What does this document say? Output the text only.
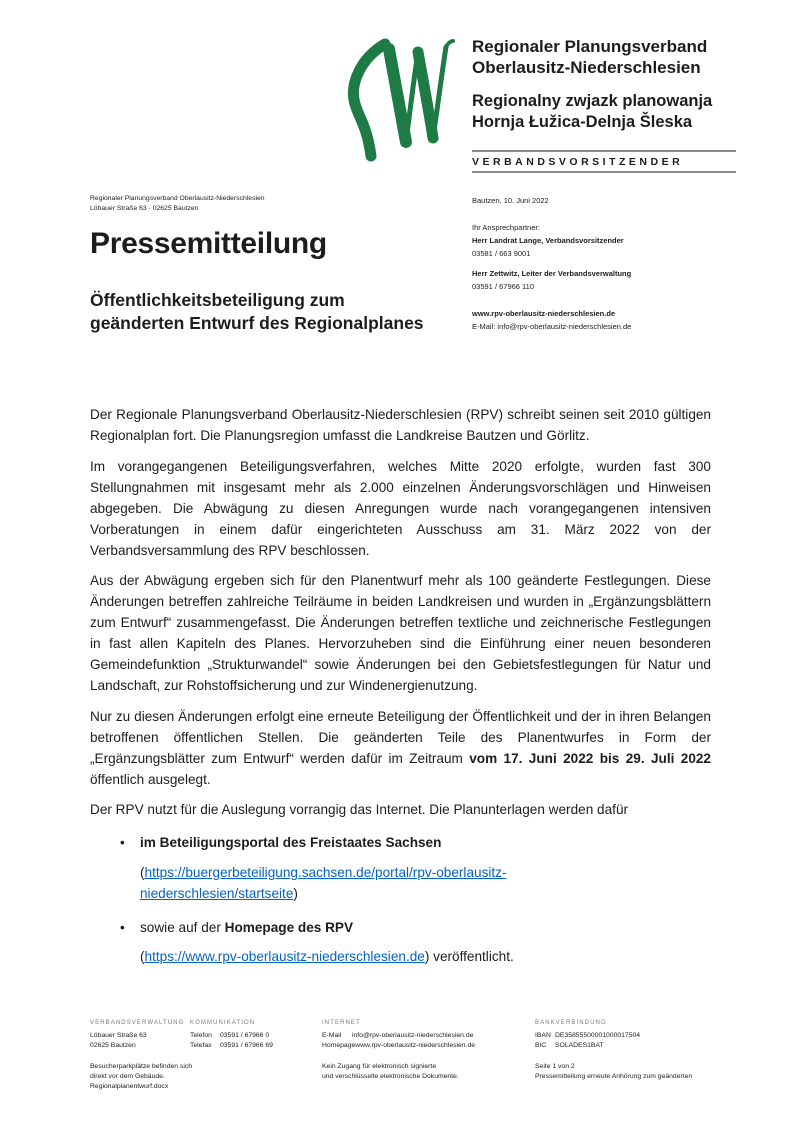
Regionaler Planungsverband
Oberlausitz-Niederschlesien
Regionalny zwjazk planowanja
Hornja Łužica-Delnja Šleska
VERBANDSVORSITZENDER
Regionaler Planungsverband Oberlausitz-Niederschlesien
Löbauer Straße 63 · 02625 Bautzen
Bautzen, 10. Juni 2022
Ihr Ansprechpartner:
Herr Landrat Lange, Verbandsvorsitzender
03581 / 663 9001
Herr Zettwitz, Leiter der Verbandsverwaltung
03591 / 67966 110
www.rpv-oberlausitz-niederschlesien.de
E-Mail: info@rpv-oberlausitz-niederschlesien.de
Pressemitteilung
Öffentlichkeitsbeteiligung zum
geänderten Entwurf des Regionalplanes

Der Regionale Planungsverband Oberlausitz-Niederschlesien (RPV) schreibt seinen seit 2010 gültigen Regionalplan fort. Die Planungsregion umfasst die Landkreise Bautzen und Görlitz.

Im vorangegangenen Beteiligungsverfahren, welches Mitte 2020 erfolgte, wurden fast 300 Stellungnahmen mit insgesamt mehr als 2.000 einzelnen Änderungsvorschlägen und Hinweisen abgegeben. Die Abwägung zu diesen Anregungen wurde nach vorangegangenen intensiven Vorberatungen in einem dafür eingerichteten Ausschuss am 31. März 2022 von der Verbandsversammlung des RPV beschlossen.

Aus der Abwägung ergeben sich für den Planentwurf mehr als 100 geänderte Festlegungen. Diese Änderungen betreffen zahlreiche Teilräume in beiden Landkreisen und wurden in „Ergänzungsblättern zum Entwurf“ zusammengefasst. Die Änderungen betreffen textliche und zeichnerische Festlegungen in fast allen Kapiteln des Planes. Hervorzuheben sind die Einführung einer neuen besonderen Gemeindefunktion „Strukturwandel“ sowie Änderungen bei den Gebietsfestlegungen für Natur und Landschaft, zur Rohstoffsicherung und zur Windenergienutzung.

Nur zu diesen Änderungen erfolgt eine erneute Beteiligung der Öffentlichkeit und der in ihren Belangen betroffenen öffentlichen Stellen. Die geänderten Teile des Planentwurfes in Form der „Ergänzungsblätter zum Entwurf“ werden dafür im Zeitraum vom 17. Juni 2022 bis 29. Juli 2022 öffentlich ausgelegt.

Der RPV nutzt für die Auslegung vorrangig das Internet. Die Planunterlagen werden dafür

• im Beteiligungsportal des Freistaates Sachsen
(https://buergerbeteiligung.sachsen.de/portal/rpv-oberlausitz-niederschlesien/startseite)
• sowie auf der Homepage des RPV
(https://www.rpv-oberlausitz-niederschlesien.de) veröffentlicht.
VERBANDSVERWALTUNG
Löbauer Straße 63
02625 Bautzen
Besucherparkplätze befinden sich
direkt vor dem Gebäude.
Regionalplanentwurf.docx
KOMMUNIKATION
Telefon	03591 / 67966 0
Telefax	03591 / 67966 69
INTERNET
E-Mail	info@rpv-oberlausitz-niederschlesien.de
Homepage www.rpv-oberlausitz-niederschlesien.de
Kein Zugang für elektronisch signierte
und verschlüsselte elektronische Dokumente.
BANKVERBINDUNG
IBAN DE35855500001000017504
BIC	SOLADES1BAT
Seite 1 von 2
Pressemitteilung erneute Anhörung zum geänderten
